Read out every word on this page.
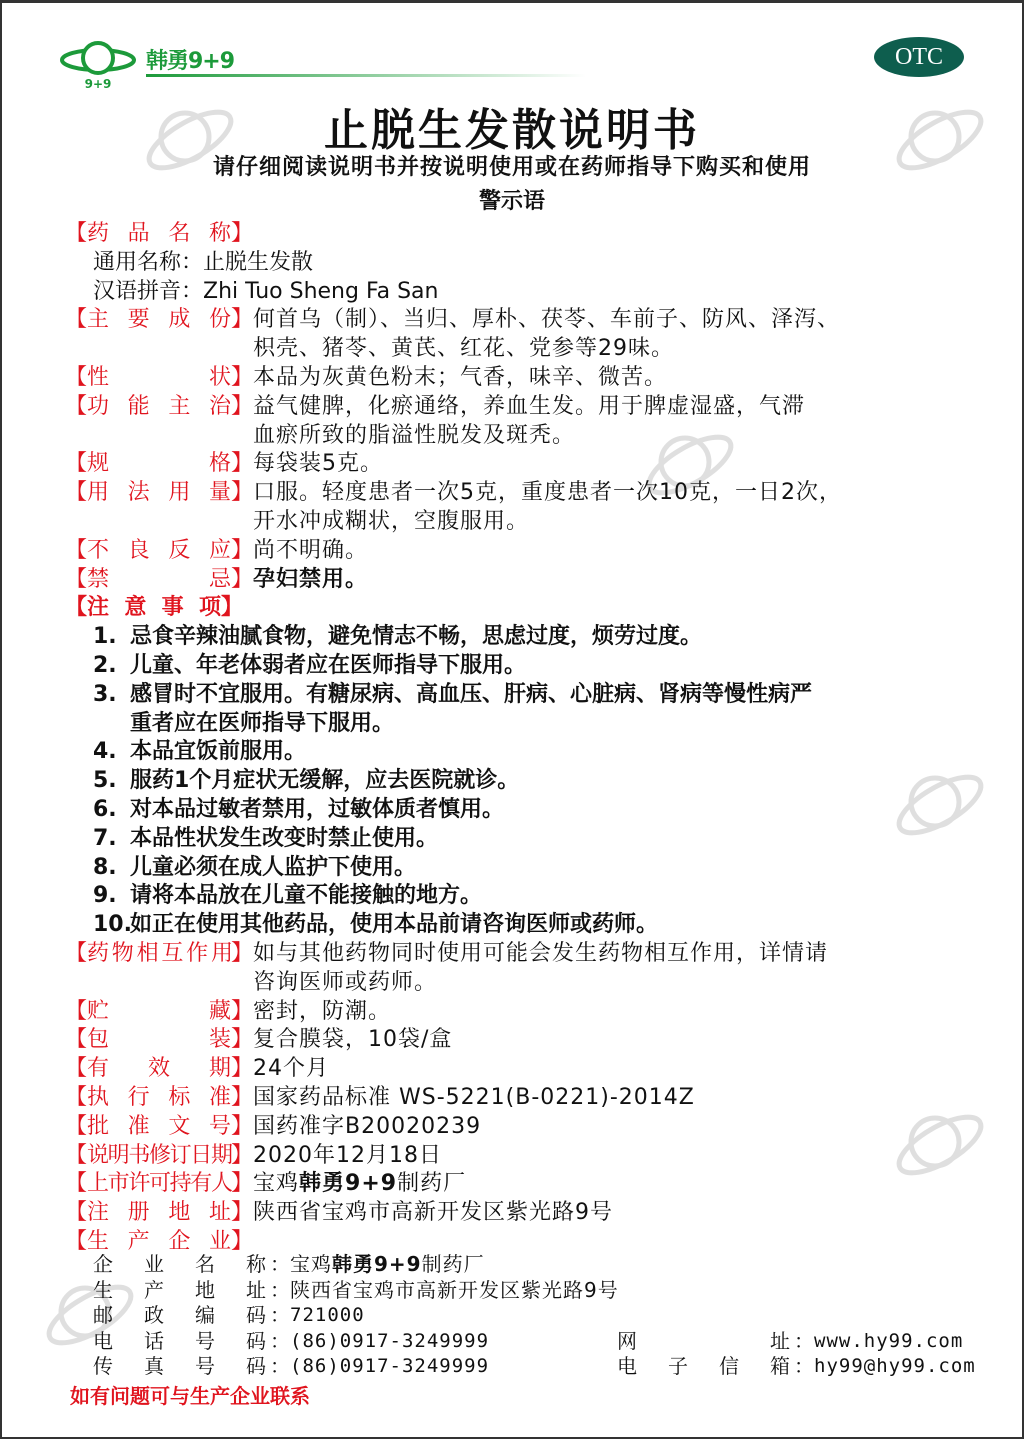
9+9
韩勇9+9	OTC
止脱生发散说明书
请仔细阅读说明书并按说明使用或在药师指导下购买和使用
警示语
【 药品名称 】
通用名称：止脱生发散
汉语拼音：Zhi Tuo Sheng Fa San
【 主要成份 】 何首乌（制）、当归、厚朴、茯苓、车前子、防风、泽泻、
枳壳、猪苓、黄芪、红花、党参等29味。
【 性状 】 本品为灰黄色粉末；气香，味辛、微苦。
【 功能主治 】 益气健脾，化瘀通络，养血生发。用于脾虚湿盛，气滞
血瘀所致的脂溢性脱发及斑秃。
【 规格 】 每袋装5克。
【 用法用量 】 口服。轻度患者一次5克，重度患者一次10克，一日2次，
开水冲成糊状，空腹服用。
【 不良反应 】 尚不明确。
【 禁忌 】 孕妇禁用。
【 注意事项 】
1. 忌食辛辣油腻食物，避免情志不畅，思虑过度，烦劳过度。
2. 儿童、年老体弱者应在医师指导下服用。
3. 感冒时不宜服用。有糖尿病、高血压、肝病、心脏病、肾病等慢性病严
重者应在医师指导下服用。
4. 本品宜饭前服用。
5. 服药1个月症状无缓解，应去医院就诊。
6. 对本品过敏者禁用，过敏体质者慎用。
7. 本品性状发生改变时禁止使用。
8. 儿童必须在成人监护下使用。
9. 请将本品放在儿童不能接触的地方。
10.
如正在使用其他药品，使用本品前请咨询医师或药师。
【 药物相互作用 】 如与其他药物同时使用可能会发生药物相互作用，详情请
咨询医师或药师。
【 贮藏 】 密封，防潮。
【 包装 】 复合膜袋，10袋/盒
【 有效期 】 24个月
【 执行标准 】 国家药品标准 WS-5221(B-0221)-2014Z
【 批准文号 】 国药准字B20020239
【 说明书修订日期 】 2020年12月18日
【 上市许可持有人 】 宝鸡韩勇9+9制药厂
【 注册地址 】 陕西省宝鸡市高新开发区紫光路9号
【 生产企业 】
企业名称 ： 宝鸡韩勇9+9制药厂
生产地址 ： 陕西省宝鸡市高新开发区紫光路9号
邮政编码 ： 721000
电话号码 ： (86)0917-3249999	网址 ： www.hy99.com
传真号码 ： (86)0917-3249999	电子信箱 ： hy99@hy99.com
如有问题可与生产企业联系
